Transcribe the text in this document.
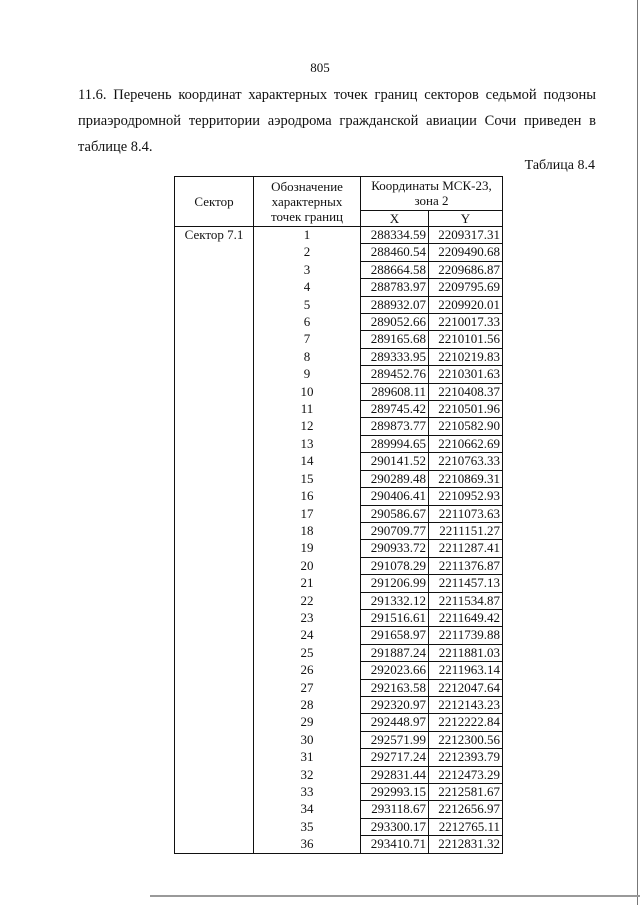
805

11.6. Перечень координат характерных точек границ секторов седьмой подзоны приаэродромной территории аэродрома гражданской авиации Сочи приведен в таблице 8.4.

Таблица 8.4
Сектор	Обозначение характерных точек границ	Координаты МСК-23, зона 2	
		X	Y
Сектор 7.1	1	288334.59	2209317.31
	2	288460.54	2209490.68
	3	288664.58	2209686.87
	4	288783.97	2209795.69
	5	288932.07	2209920.01
	6	289052.66	2210017.33
	7	289165.68	2210101.56
	8	289333.95	2210219.83
	9	289452.76	2210301.63
	10	289608.11	2210408.37
	11	289745.42	2210501.96
	12	289873.77	2210582.90
	13	289994.65	2210662.69
	14	290141.52	2210763.33
	15	290289.48	2210869.31
	16	290406.41	2210952.93
	17	290586.67	2211073.63
	18	290709.77	2211151.27
	19	290933.72	2211287.41
	20	291078.29	2211376.87
	21	291206.99	2211457.13
	22	291332.12	2211534.87
	23	291516.61	2211649.42
	24	291658.97	2211739.88
	25	291887.24	2211881.03
	26	292023.66	2211963.14
	27	292163.58	2212047.64
	28	292320.97	2212143.23
	29	292448.97	2212222.84
	30	292571.99	2212300.56
	31	292717.24	2212393.79
	32	292831.44	2212473.29
	33	292993.15	2212581.67
	34	293118.67	2212656.97
	35	293300.17	2212765.11
	36	293410.71	2212831.32
